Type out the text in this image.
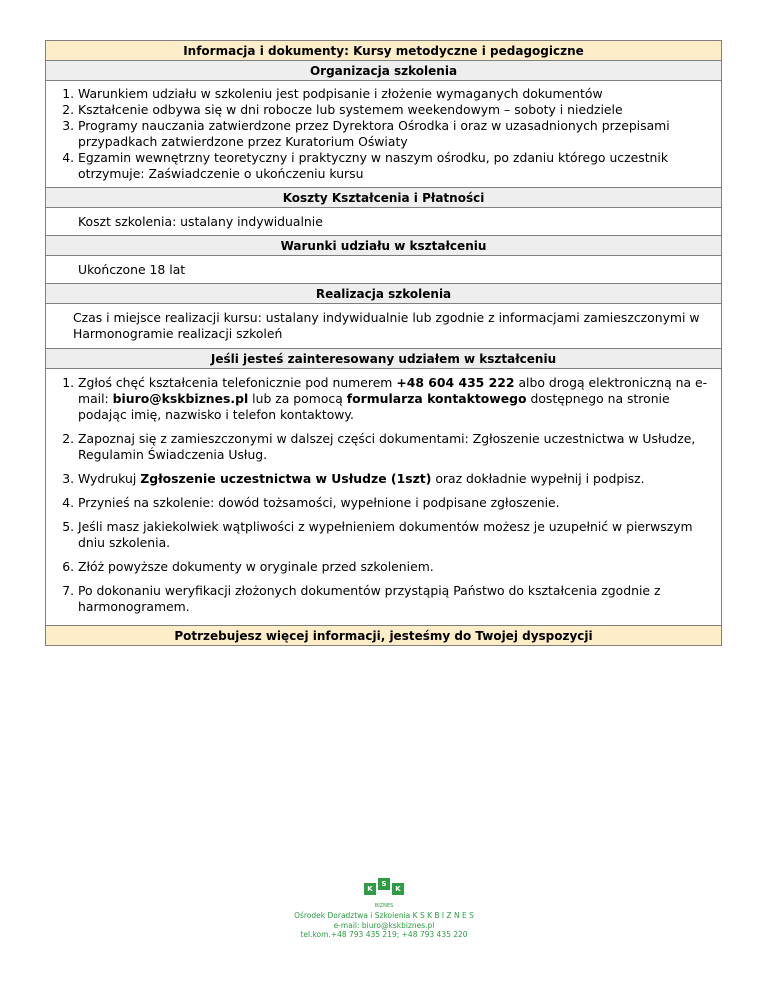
Informacja i dokumenty: Kursy metodyczne i pedagogiczne
Organizacja szkolenia

1. Warunkiem udziału w szkoleniu jest podpisanie i złożenie wymaganych dokumentów
2. Kształcenie odbywa się w dni robocze lub systemem weekendowym – soboty i niedziele
3. Programy nauczania zatwierdzone przez Dyrektora Ośrodka i oraz w uzasadnionych przepisami przypadkach zatwierdzone przez Kuratorium Oświaty
4. Egzamin wewnętrzny teoretyczny i praktyczny w naszym ośrodku, po zdaniu którego uczestnik otrzymuje: Zaświadczenie o ukończeniu kursu

Koszty Kształcenia i Płatności

Koszt szkolenia: ustalany indywidualnie

Warunki udziału w kształceniu

Ukończone 18 lat

Realizacja szkolenia

Czas i miejsce realizacji kursu: ustalany indywidualnie lub zgodnie z informacjami zamieszczonymi w Harmonogramie realizacji szkoleń

Jeśli jesteś zainteresowany udziałem w kształceniu

1. Zgłoś chęć kształcenia telefonicznie pod numerem +48 604 435 222 albo drogą elektroniczną na e-mail: biuro@kskbiznes.pl lub za pomocą formularza kontaktowego dostępnego na stronie podając imię, nazwisko i telefon kontaktowy.
2. Zapoznaj się z zamieszczonymi w dalszej części dokumentami: Zgłoszenie uczestnictwa w Usłudze, Regulamin Świadczenia Usług.
3. Wydrukuj Zgłoszenie uczestnictwa w Usłudze (1szt) oraz dokładnie wypełnij i podpisz.
4. Przynieś na szkolenie: dowód tożsamości, wypełnione i podpisane zgłoszenie.
5. Jeśli masz jakiekolwiek wątpliwości z wypełnieniem dokumentów możesz je uzupełnić w pierwszym dniu szkolenia.
6. Złóż powyższe dokumenty w oryginale przed szkoleniem.
7. Po dokonaniu weryfikacji złożonych dokumentów przystąpią Państwo do kształcenia zgodnie z harmonogramem.

Potrzebujesz więcej informacji, jesteśmy do Twojej dyspozycji
KSK
BIZNES
Ośrodek Doradztwa i Szkolenia K S K B I Z N E S
e-mail: biuro@kskbiznes.pl
tel.kom.+48 793 435 219; +48 793 435 220
